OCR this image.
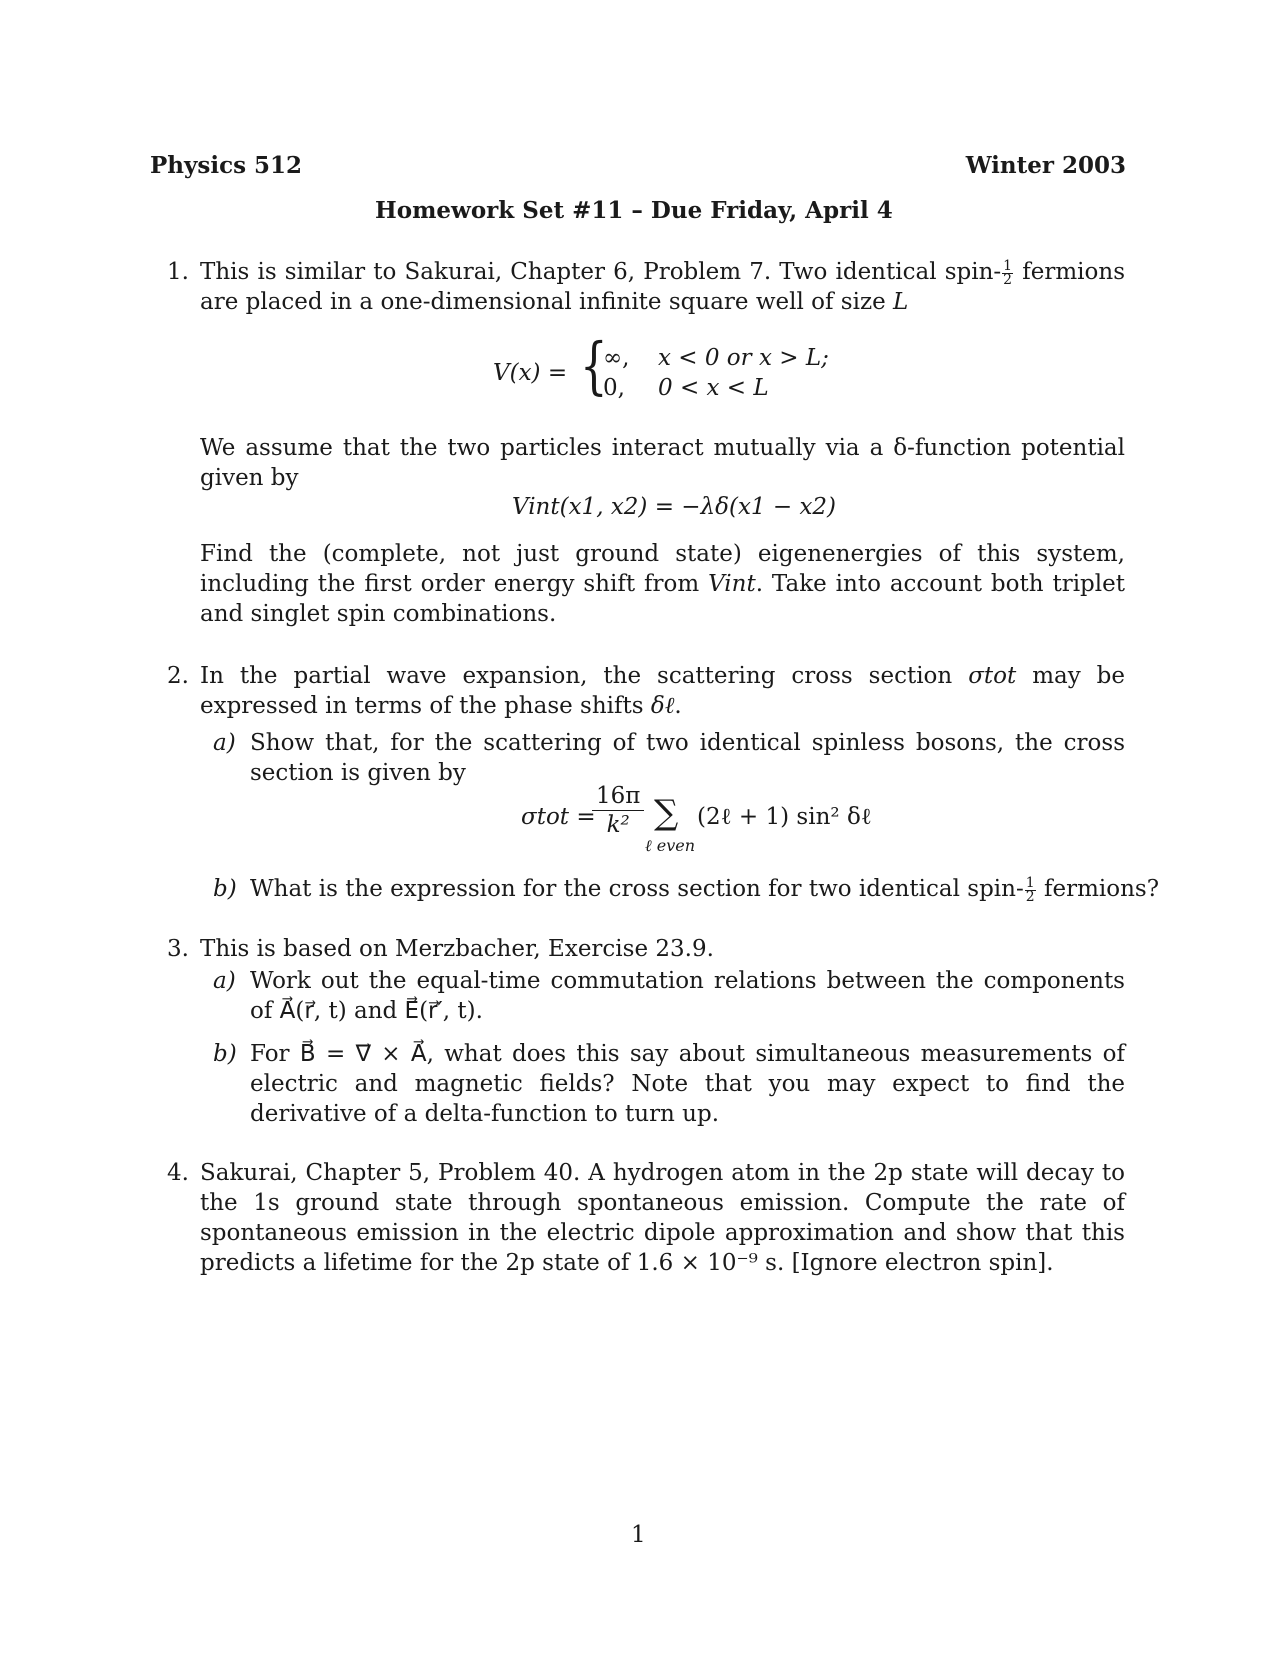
Physics 512	Winter 2003
Homework Set #11 – Due Friday, April 4
1. This is similar to Sakurai, Chapter 6, Problem 7. Two identical spin- $\frac{1}{2}$ fermions are placed in a one-dimensional infinite square well of size L
V(x) = {
∞, x < 0 or x > L;
0, 0 < x < L
We assume that the two particles interact mutually via a δ-function potential given by
Vint(x1, x2) = −λδ(x1 − x2)
Find the (complete, not just ground state) eigenenergies of this system, including the first order energy shift from Vint. Take into account both triplet and singlet spin combinations.
2. In the partial wave expansion, the scattering cross section σtot may be expressed in terms of the phase shifts δℓ.
a) Show that, for the scattering of two identical spinless bosons, the cross section is given by
σtot =
$\frac{16\pi}{\text{k²}}$ ∑
ℓ even
(2ℓ + 1) sin² δℓ
b) What is the expression for the cross section for two identical spin- $\frac{1}{2}$ fermions?
3. This is based on Merzbacher, Exercise 23.9.
a) Work out the equal-time commutation relations between the components of A⃗(r⃗, t) and E⃗(r⃗′, t).
b) For B⃗ = ∇⃗ × A⃗, what does this say about simultaneous measurements of electric and magnetic fields? Note that you may expect to find the derivative of a delta-function to turn up.
4. Sakurai, Chapter 5, Problem 40. A hydrogen atom in the 2p state will decay to the 1s ground state through spontaneous emission. Compute the rate of spontaneous emission in the electric dipole approximation and show that this predicts a lifetime for the 2p state of 1.6 × 10⁻⁹ s. [Ignore electron spin].
1
